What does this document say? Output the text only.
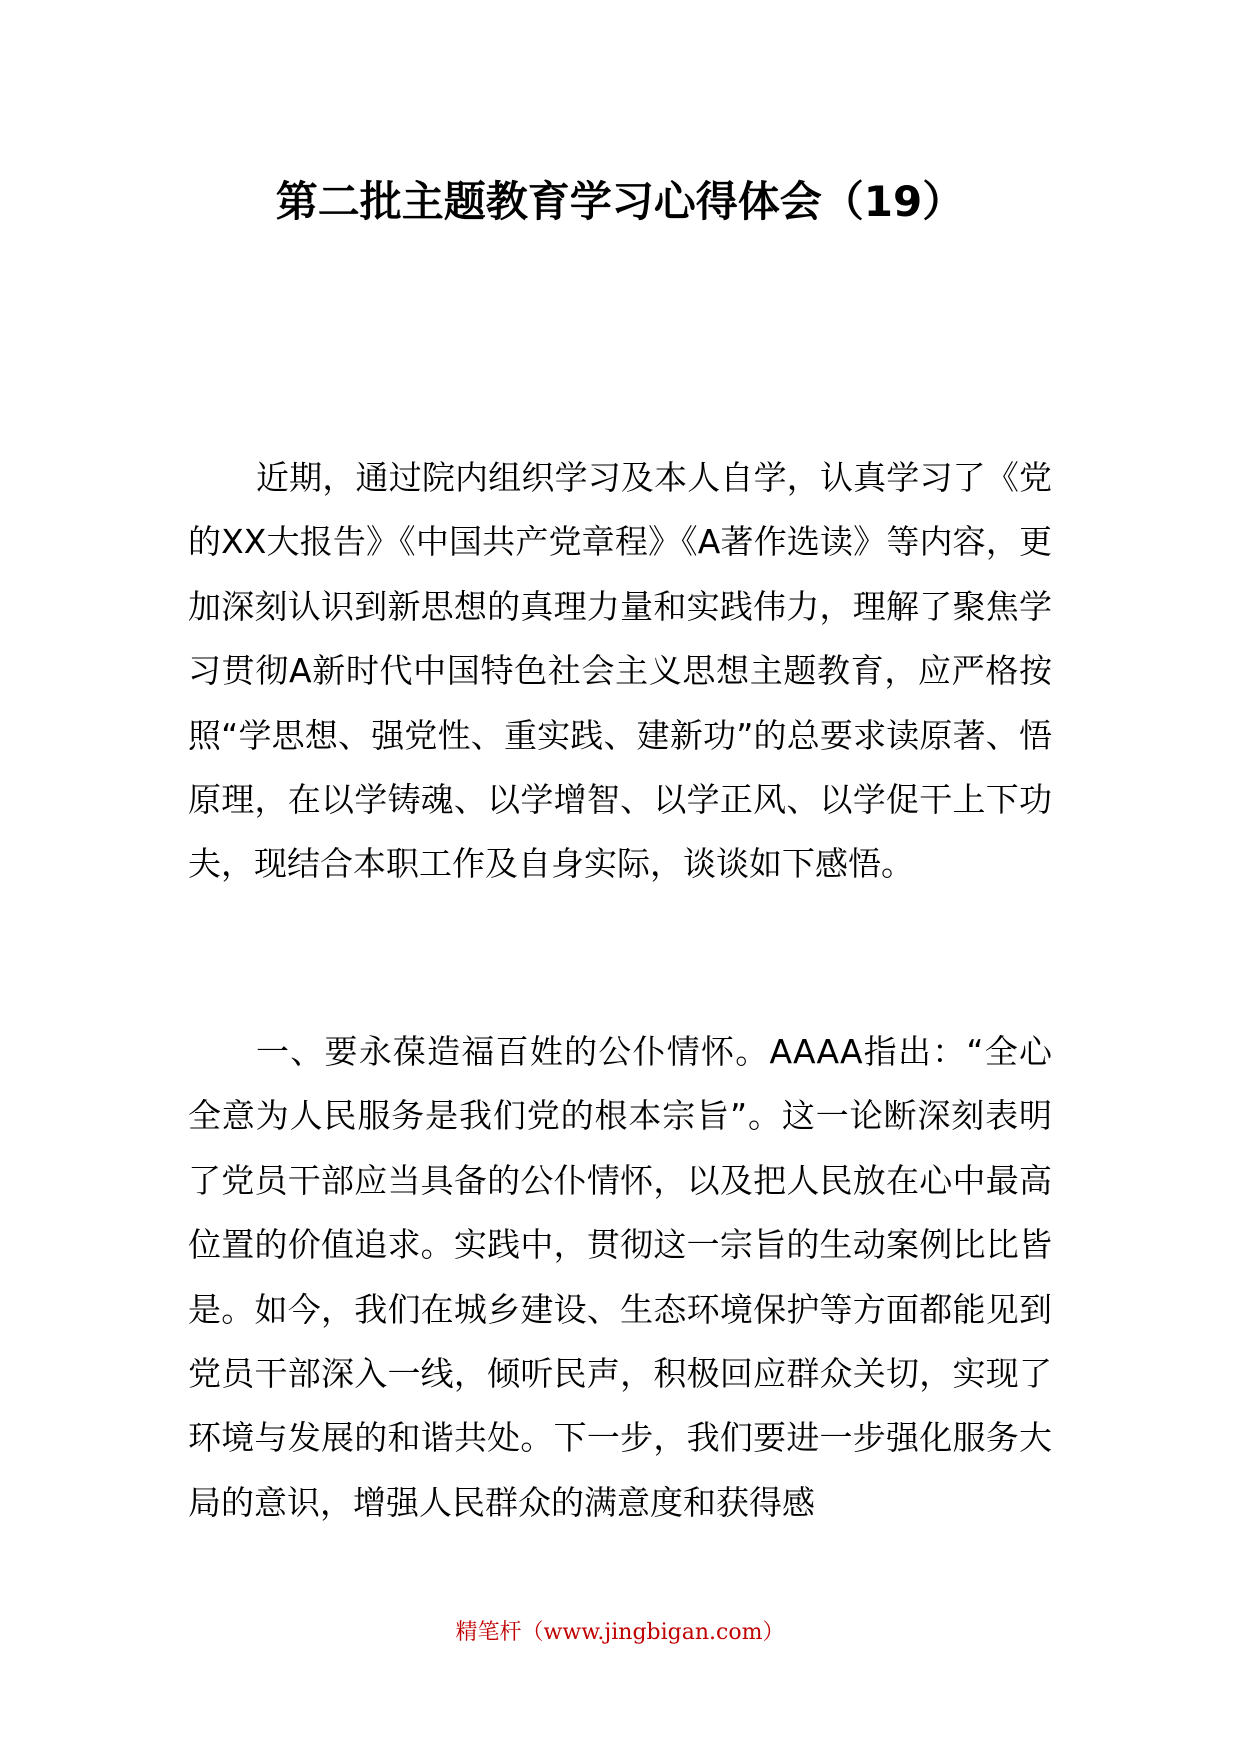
第二批主题教育学习心得体会（19）

近期，通过院内组织学习及本人自学，认真学习了《党的XX大报告》《中国共产党章程》《A著作选读》等内容，更加深刻认识到新思想的真理力量和实践伟力，理解了聚焦学习贯彻A新时代中国特色社会主义思想主题教育，应严格按照“学思想、强党性、重实践、建新功”的总要求读原著、悟原理，在以学铸魂、以学增智、以学正风、以学促干上下功夫，现结合本职工作及自身实际，谈谈如下感悟。

一、要永葆造福百姓的公仆情怀。AAAA指出：“全心全意为人民服务是我们党的根本宗旨”。这一论断深刻表明了党员干部应当具备的公仆情怀，以及把人民放在心中最高位置的价值追求。实践中，贯彻这一宗旨的生动案例比比皆是。如今，我们在城乡建设、生态环境保护等方面都能见到党员干部深入一线，倾听民声，积极回应群众关切，实现了环境与发展的和谐共处。下一步，我们要进一步强化服务大局的意识，增强人民群众的满意度和获得感

精笔杆（www.jingbigan.com）
